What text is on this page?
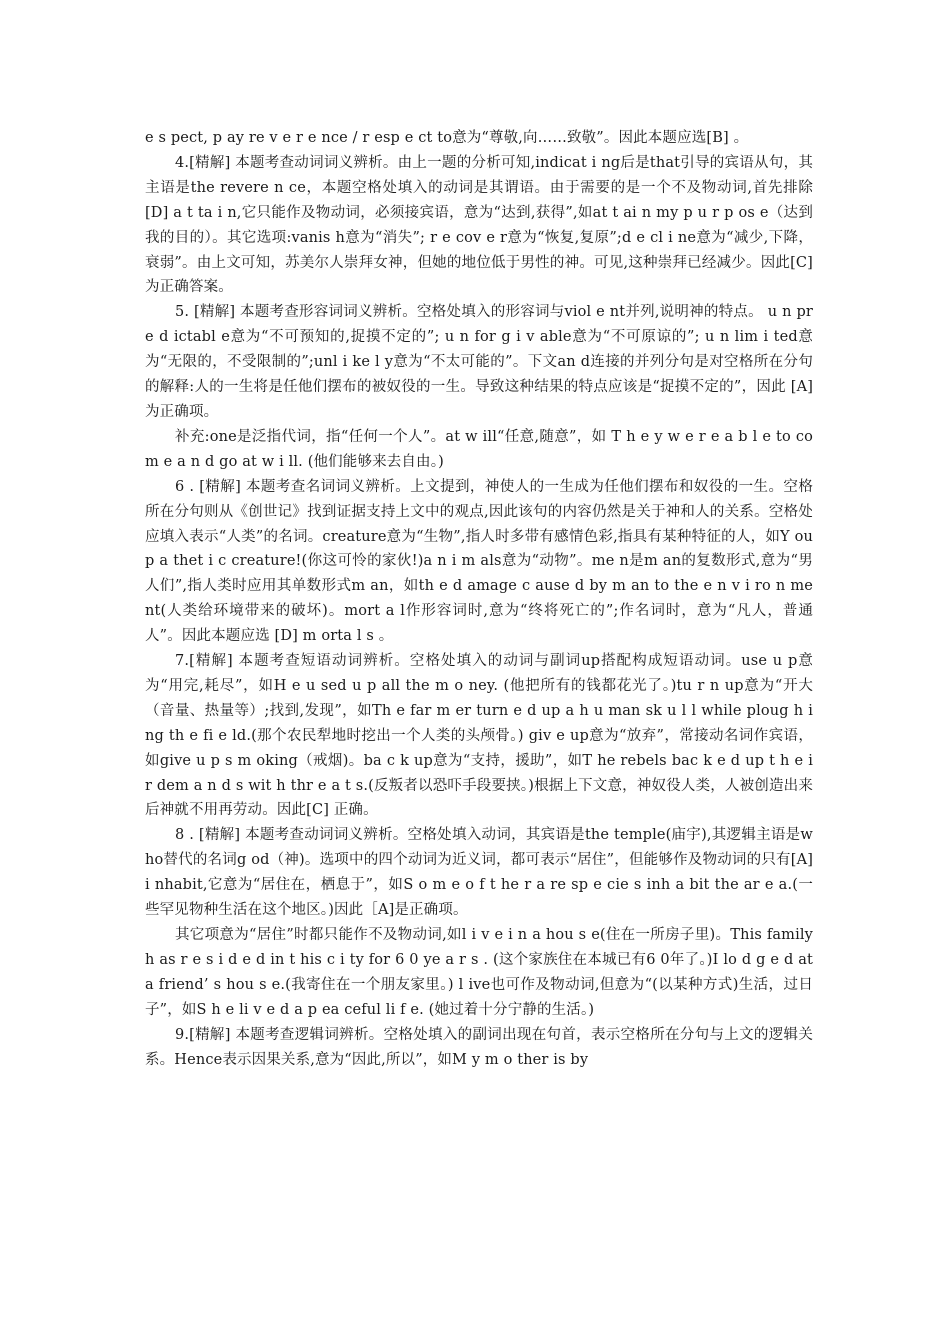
e s pect, p ay re v e r e nce / r esp e ct to意为“尊敬,向……致敬”。因此本题应选[B] 。

4.[精解] 本题考查动词词义辨析。由上一题的分析可知,indicat i ng后是that引导的宾语从句，其主语是the revere n ce，本题空格处填入的动词是其谓语。由于需要的是一个不及物动词,首先排除[D] a t ta i n,它只能作及物动词，必须接宾语，意为“达到,获得”,如at t ai n my p u r p os e（达到我的目的）。其它选项:vanis h意为“消失”; r e cov e r意为“恢复,复原”;d e cl i ne意为“减少,下降，衰弱”。由上文可知，苏美尔人崇拜女神，但她的地位低于男性的神。可见,这种崇拜已经减少。因此[C]为正确答案。

5. [精解] 本题考查形容词词义辨析。空格处填入的形容词与viol e nt并列,说明神的特点。 u n pre d ictabl e意为“不可预知的,捉摸不定的”; u n for g i v able意为“不可原谅的”; u n lim i ted意为“无限的，不受限制的”;unl i ke l y意为“不太可能的”。下文an d连接的并列分句是对空格所在分句的解释:人的一生将是任他们摆布的被奴役的一生。导致这种结果的特点应该是“捉摸不定的”，因此 [A]为正确项。

补充:one是泛指代词，指“任何一个人”。at w ill“任意,随意”，如 T h e y w e r e a b l e to com e a n d go at w i ll. (他们能够来去自由。)

6 . [精解] 本题考查名词词义辨析。上文提到，神使人的一生成为任他们摆布和奴役的一生。空格所在分句则从《创世记》找到证据支持上文中的观点,因此该句的内容仍然是关于神和人的关系。空格处应填入表示“人类”的名词。creature意为“生物”,指人时多带有感情色彩,指具有某种特征的人，如Y ou p a thet i c creature!(你这可怜的家伙!)a n i m als意为“动物”。me n是m an的复数形式,意为“男人们”,指人类时应用其单数形式m an，如th e d amage c ause d by m an to the e n v i ro n ment(人类给环境带来的破坏)。mort a l作形容词时,意为“终将死亡的”;作名词时，意为“凡人，普通人”。因此本题应选 [D] m orta l s 。

7.[精解] 本题考查短语动词辨析。空格处填入的动词与副词up搭配构成短语动词。use u p意为“用完,耗尽”，如H e u sed u p all the m o ney. (他把所有的钱都花光了。)tu r n up意为“开大（音量、热量等）;找到,发现”，如Th e far m er turn e d up a h u man sk u l l while ploug h i ng th e fi e ld.(那个农民犁地时挖出一个人类的头颅骨。) giv e up意为“放弃”，常接动名词作宾语，如give u p s m oking（戒烟)。ba c k up意为“支持，援助”，如T he rebels bac k e d up t h e i r dem a n d s wit h thr e a t s.(反叛者以恐吓手段要挟。)根据上下文意，神奴役人类，人被创造出来后神就不用再劳动。因此[C] 正确。

8 . [精解] 本题考查动词词义辨析。空格处填入动词，其宾语是the temple(庙宇),其逻辑主语是who替代的名词g od（神)。选项中的四个动词为近义词，都可表示“居住”，但能够作及物动词的只有[A] i nhabit,它意为“居住在，栖息于”，如S o m e o f t he r a re sp e cie s inh a bit the ar e a.(一些罕见物种生活在这个地区。)因此［A]是正确项。

其它项意为“居住”时都只能作不及物动词,如l i v e i n a hou s e(住在一所房子里)。This family h as r e s i d e d in t his c i ty for 6 0 ye a r s . (这个家族住在本城已有6 0年了。)I lo d g e d at a friend’ s hou s e.(我寄住在一个朋友家里。) l ive也可作及物动词,但意为“(以某种方式)生活，过日子”，如S h e li v e d a p ea ceful li f e. (她过着十分宁静的生活。)

9.[精解] 本题考查逻辑词辨析。空格处填入的副词出现在句首，表示空格所在分句与上文的逻辑关系。Hence表示因果关系,意为“因此,所以”，如M y m o ther is by
